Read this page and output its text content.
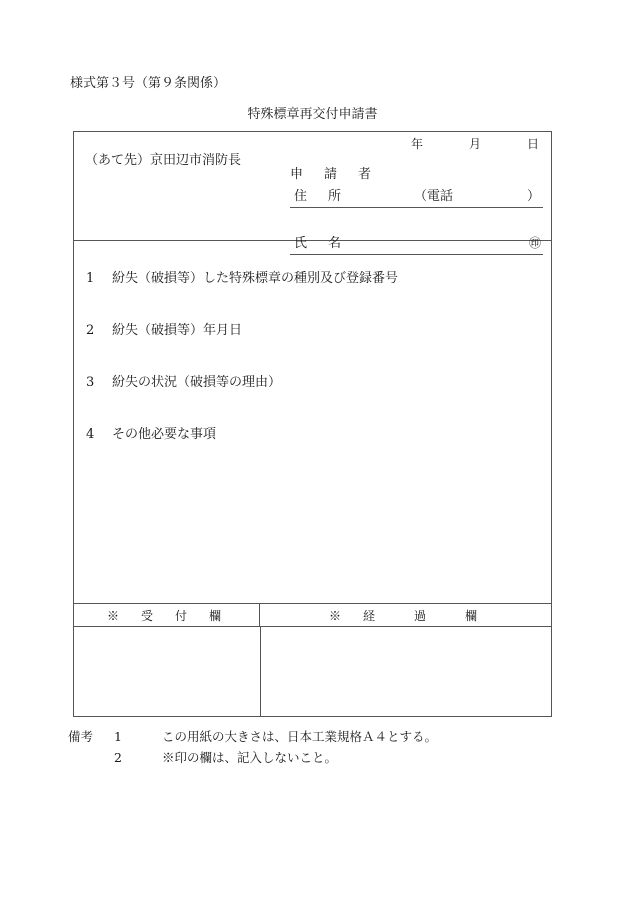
様式第３号（第９条関係）
特殊標章再交付申請書
年	月	日
（あて先）京田辺市消防長
申　請　者
住　所	（電話	）
氏　名	㊞
1 紛失（破損等）した特殊標章の種別及び登録番号
2 紛失（破損等）年月日
3 紛失の状況（破損等の理由）
4 その他必要な事項
※　受　付　欄	※　経　　過　　欄
備考 1	この用紙の大きさは、日本工業規格Ａ４とする。
2	※印の欄は、記入しないこと。
